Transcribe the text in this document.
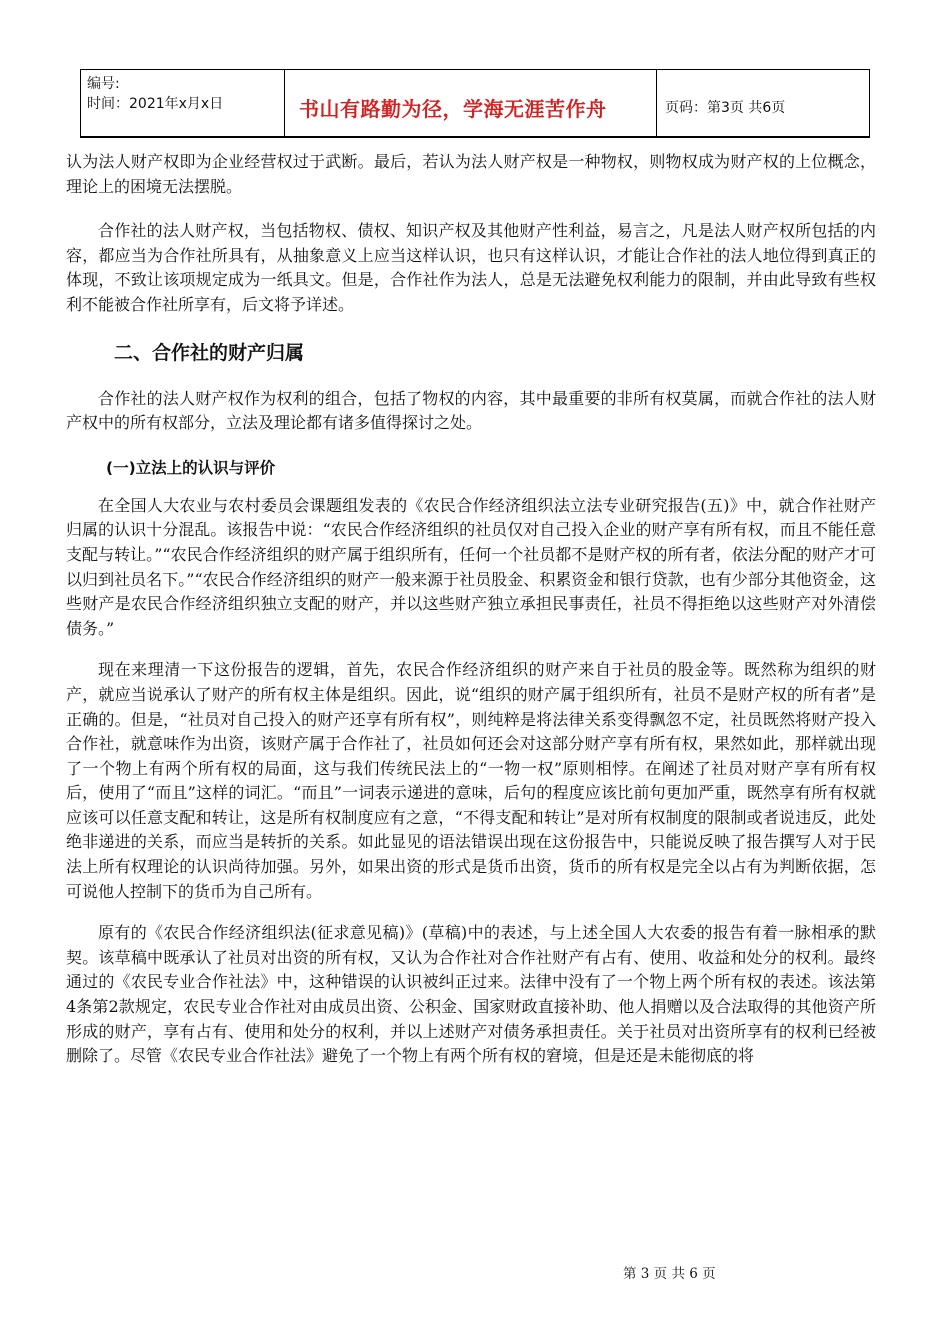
编号:
时间：2021年x月x日	书山有路勤为径，学海无涯苦作舟	页码：第3页 共6页

认为法人财产权即为企业经营权过于武断。最后，若认为法人财产权是一种物权，则物权成为财产权的上位概念，理论上的困境无法摆脱。

合作社的法人财产权，当包括物权、债权、知识产权及其他财产性利益，易言之，凡是法人财产权所包括的内容，都应当为合作社所具有，从抽象意义上应当这样认识，也只有这样认识，才能让合作社的法人地位得到真正的体现，不致让该项规定成为一纸具文。但是，合作社作为法人，总是无法避免权利能力的限制，并由此导致有些权利不能被合作社所享有，后文将予详述。

二、合作社的财产归属

合作社的法人财产权作为权利的组合，包括了物权的内容，其中最重要的非所有权莫属，而就合作社的法人财产权中的所有权部分，立法及理论都有诸多值得探讨之处。

(一)立法上的认识与评价

在全国人大农业与农村委员会课题组发表的《农民合作经济组织法立法专业研究报告(五)》中，就合作社财产归属的认识十分混乱。该报告中说：“农民合作经济组织的社员仅对自己投入企业的财产享有所有权，而且不能任意支配与转让。”“农民合作经济组织的财产属于组织所有，任何一个社员都不是财产权的所有者，依法分配的财产才可以归到社员名下。”“农民合作经济组织的财产一般来源于社员股金、积累资金和银行贷款，也有少部分其他资金，这些财产是农民合作经济组织独立支配的财产，并以这些财产独立承担民事责任，社员不得拒绝以这些财产对外清偿债务。”

现在来理清一下这份报告的逻辑，首先，农民合作经济组织的财产来自于社员的股金等。既然称为组织的财产，就应当说承认了财产的所有权主体是组织。因此，说“组织的财产属于组织所有，社员不是财产权的所有者”是正确的。但是，“社员对自己投入的财产还享有所有权”，则纯粹是将法律关系变得飘忽不定，社员既然将财产投入合作社，就意味作为出资，该财产属于合作社了，社员如何还会对这部分财产享有所有权，果然如此，那样就出现了一个物上有两个所有权的局面，这与我们传统民法上的“一物一权”原则相悖。在阐述了社员对财产享有所有权后，使用了“而且”这样的词汇。“而且”一词表示递进的意味，后句的程度应该比前句更加严重，既然享有所有权就应该可以任意支配和转让，这是所有权制度应有之意，“不得支配和转让”是对所有权制度的限制或者说违反，此处绝非递进的关系，而应当是转折的关系。如此显见的语法错误出现在这份报告中，只能说反映了报告撰写人对于民法上所有权理论的认识尚待加强。另外，如果出资的形式是货币出资，货币的所有权是完全以占有为判断依据，怎可说他人控制下的货币为自己所有。

原有的《农民合作经济组织法(征求意见稿)》(草稿)中的表述，与上述全国人大农委的报告有着一脉相承的默契。该草稿中既承认了社员对出资的所有权，又认为合作社对合作社财产有占有、使用、收益和处分的权利。最终通过的《农民专业合作社法》中，这种错误的认识被纠正过来。法律中没有了一个物上两个所有权的表述。该法第4条第2款规定，农民专业合作社对由成员出资、公积金、国家财政直接补助、他人捐赠以及合法取得的其他资产所形成的财产，享有占有、使用和处分的权利，并以上述财产对债务承担责任。关于社员对出资所享有的权利已经被删除了。尽管《农民专业合作社法》避免了一个物上有两个所有权的窘境，但是还是未能彻底的将

第 3 页 共 6 页
